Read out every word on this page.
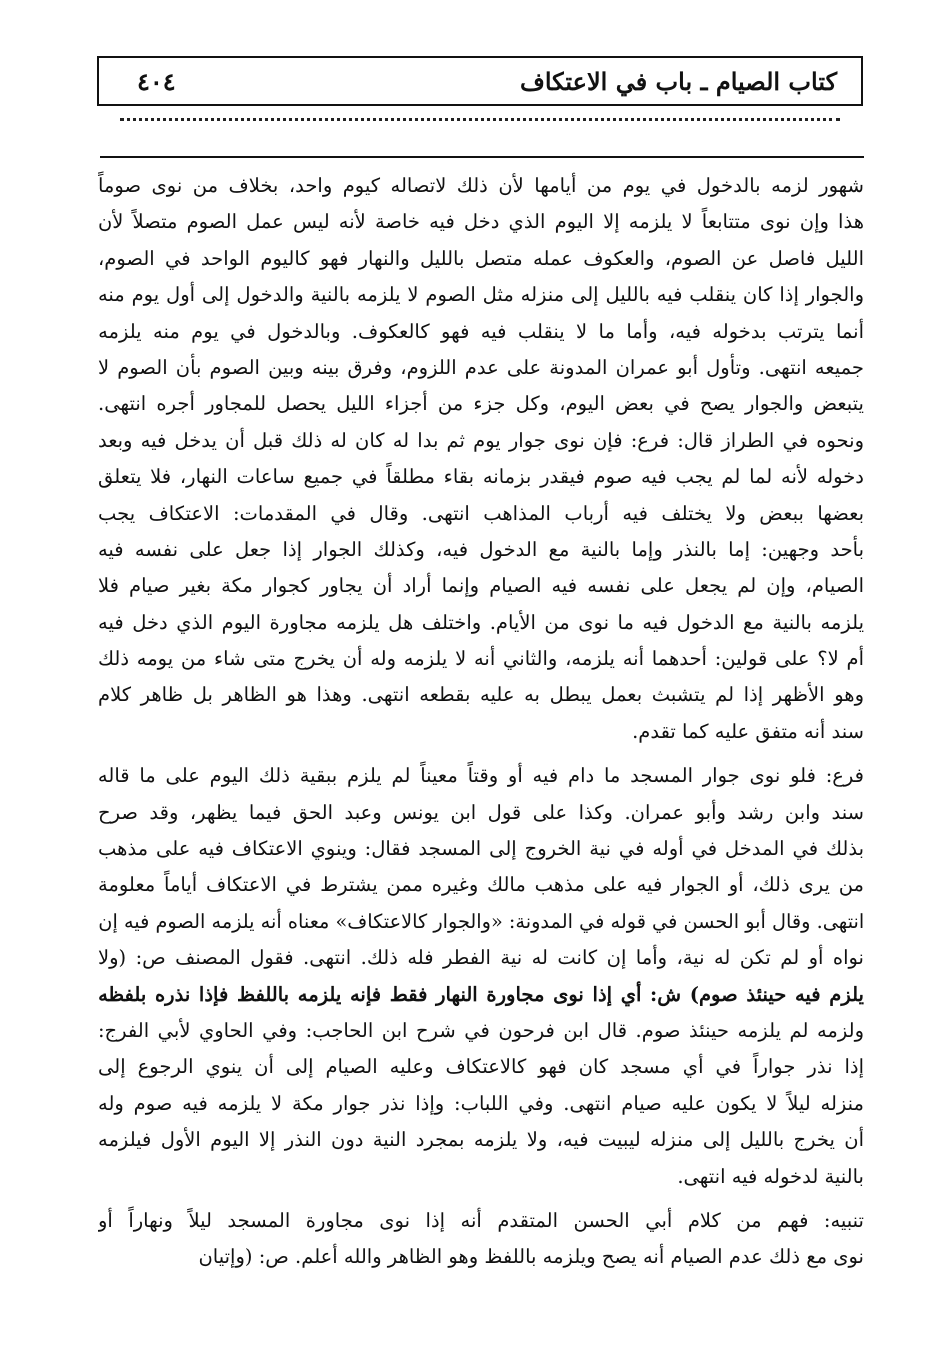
كتاب الصيام ـ باب في الاعتكاف
٤٠٤
شهور لزمه بالدخول في يوم من أيامها لأن ذلك لاتصاله كيوم واحد، بخلاف من نوى صوماً
هذا وإن نوى متتابعاً لا يلزمه إلا اليوم الذي دخل فيه خاصة لأنه ليس عمل الصوم متصلاً لأن
الليل فاصل عن الصوم، والعكوف عمله متصل بالليل والنهار فهو كاليوم الواحد في الصوم،
والجوار إذا كان ينقلب فيه بالليل إلى منزله مثل الصوم لا يلزمه بالنية والدخول إلى أول يوم منه
أنما يترتب بدخوله فيه، وأما ما لا ينقلب فيه فهو كالعكوف. وبالدخول في يوم منه يلزمه
جميعه انتهى. وتأول أبو عمران المدونة على عدم اللزوم، وفرق بينه وبين الصوم بأن الصوم لا
يتبعض والجوار يصح في بعض اليوم، وكل جزء من أجزاء الليل يحصل للمجاور أجره انتهى.
ونحوه في الطراز قال: فرع: فإن نوى جوار يوم ثم بدا له كان له ذلك قبل أن يدخل فيه وبعد
دخوله لأنه لما لم يجب فيه صوم فيقدر بزمانه بقاء مطلقاً في جميع ساعات النهار، فلا يتعلق
بعضها ببعض ولا يختلف فيه أرباب المذاهب انتهى. وقال في المقدمات: الاعتكاف يجب
بأحد وجهين: إما بالنذر وإما بالنية مع الدخول فيه، وكذلك الجوار إذا جعل على نفسه فيه
الصيام، وإن لم يجعل على نفسه فيه الصيام وإنما أراد أن يجاور كجوار مكة بغير صيام فلا
يلزمه بالنية مع الدخول فيه ما نوى من الأيام. واختلف هل يلزمه مجاورة اليوم الذي دخل فيه
أم لا؟ على قولين: أحدهما أنه يلزمه، والثاني أنه لا يلزمه وله أن يخرج متى شاء من يومه ذلك
وهو الأظهر إذا لم يتشبث بعمل يبطل به عليه بقطعه انتهى. وهذا هو الظاهر بل ظاهر كلام
سند أنه متفق عليه كما تقدم.
فرع: فلو نوى جوار المسجد ما دام فيه أو وقتاً معيناً لم يلزم ببقية ذلك اليوم على ما قاله
سند وابن رشد وأبو عمران. وكذا على قول ابن يونس وعبد الحق فيما يظهر، وقد صرح
بذلك في المدخل في أوله في نية الخروج إلى المسجد فقال: وينوي الاعتكاف فيه على مذهب
من يرى ذلك، أو الجوار فيه على مذهب مالك وغيره ممن يشترط في الاعتكاف أياماً معلومة
انتهى. وقال أبو الحسن في قوله في المدونة: «والجوار كالاعتكاف» معناه أنه يلزمه الصوم فيه إن
نواه أو لم تكن له نية، وأما إن كانت له نية الفطر فله ذلك. انتهى. فقول المصنف ص: (ولا
يلزم فيه حينئذ صوم) ش: أي إذا نوى مجاورة النهار فقط فإنه يلزمه باللفظ فإذا نذره بلفظه
ولزمه لم يلزمه حينئذ صوم. قال ابن فرحون في شرح ابن الحاجب: وفي الحاوي لأبي الفرج:
إذا نذر جواراً في أي مسجد كان فهو كالاعتكاف وعليه الصيام إلى أن ينوي الرجوع إلى
منزله ليلاً لا يكون عليه صيام انتهى. وفي اللباب: وإذا نذر جوار مكة لا يلزمه فيه صوم وله
أن يخرج بالليل إلى منزله ليبيت فيه، ولا يلزمه بمجرد النية دون النذر إلا اليوم الأول فيلزمه
بالنية لدخوله فيه انتهى.
تنبيه: فهم من كلام أبي الحسن المتقدم أنه إذا نوى مجاورة المسجد ليلاً ونهاراً أو
نوى مع ذلك عدم الصيام أنه يصح ويلزمه باللفظ وهو الظاهر والله أعلم. ص: (وإتيان
